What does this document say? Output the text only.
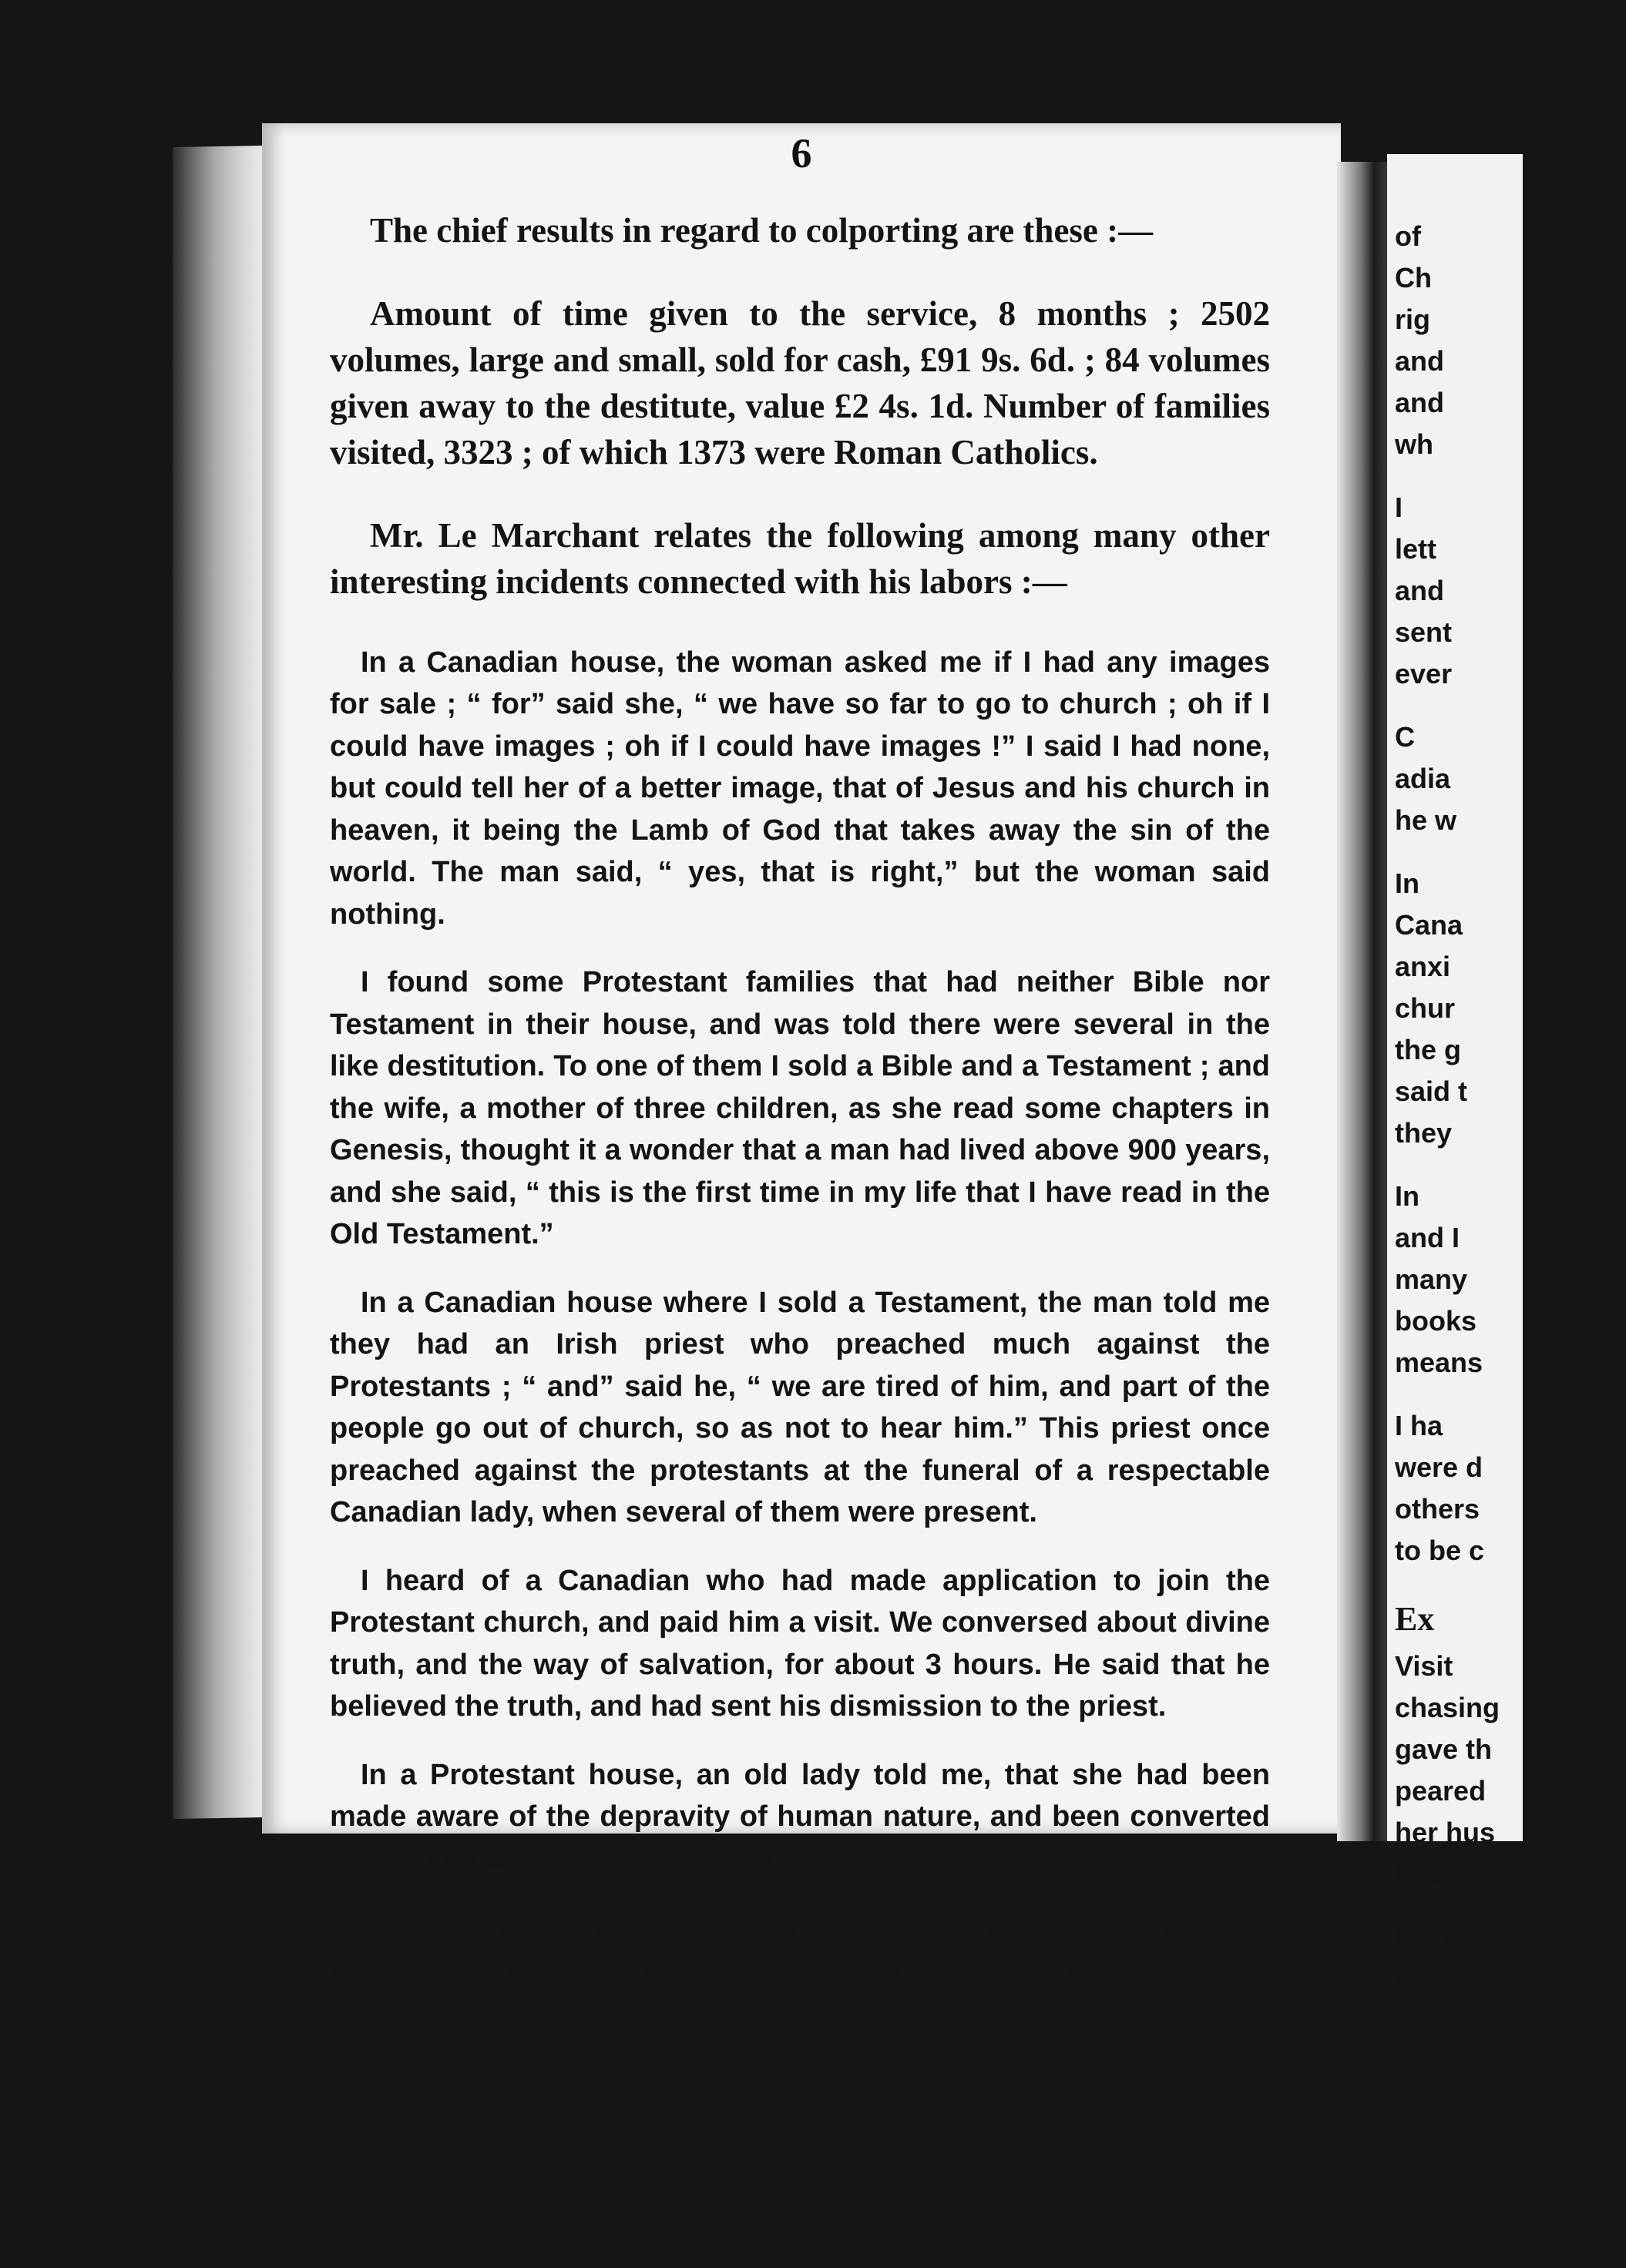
of
Ch
rig
and
and
wh
I
lett
and
sent
ever
C
adia
he w
In
Cana
anxi
chur
the g
said t
they
In
and I
many
books
means
I ha
were d
others
to be c
Ex
Visit
chasing
gave th
peared
her hus
I gave
Made
reading
6
The chief results in regard to colporting are these :—

Amount of time given to the service, 8 months ; 2502 volumes, large and small, sold for cash, £91 9s. 6d. ; 84 volumes given away to the destitute, value £2 4s. 1d. Number of families visited, 3323 ; of which 1373 were Roman Catholics.

Mr. Le Marchant relates the following among many other interesting incidents connected with his labors :—

In a Canadian house, the woman asked me if I had any images for sale ; “ for” said she, “ we have so far to go to church ; oh if I could have images ; oh if I could have images !” I said I had none, but could tell her of a better image, that of Jesus and his church in heaven, it being the Lamb of God that takes away the sin of the world. The man said, “ yes, that is right,” but the woman said nothing.

I found some Protestant families that had neither Bible nor Testament in their house, and was told there were several in the like destitution. To one of them I sold a Bible and a Testament ; and the wife, a mother of three children, as she read some chapters in Genesis, thought it a wonder that a man had lived above 900 years, and she said, “ this is the first time in my life that I have read in the Old Testament.”

In a Canadian house where I sold a Testament, the man told me they had an Irish priest who preached much against the Protestants ; “ and” said he, “ we are tired of him, and part of the people go out of church, so as not to hear him.” This priest once preached against the protestants at the funeral of a respectable Canadian lady, when several of them were present.

I heard of a Canadian who had made application to join the Protestant church, and paid him a visit. We conversed about divine truth, and the way of salvation, for about 3 hours. He said that he believed the truth, and had sent his dismission to the priest.

In a Protestant house, an old lady told me, that she had been made aware of the depravity of human nature, and been converted by reading Baxter's Saints' Rest.

I met two men and offered them books, when one of them said, “ they are of the Methodist Society.” “ Friend” said I, “ they are
